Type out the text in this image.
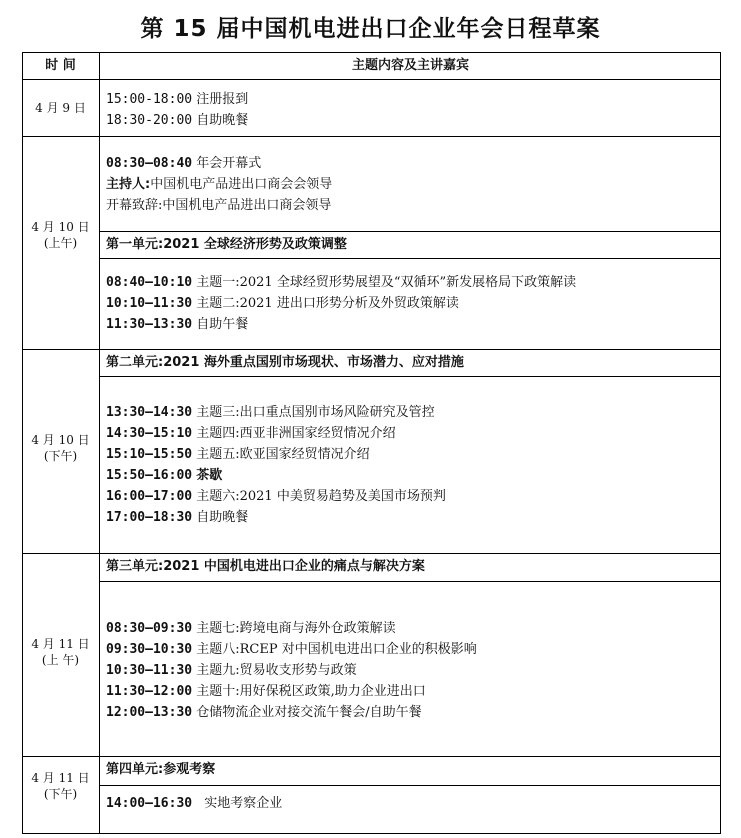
第 15 届中国机电进出口企业年会日程草案
时 间	主题内容及主讲嘉宾
4 月 9 日
15:00-18:00 注册报到
18:30-20:00 自助晚餐
4 月 10 日
(上午)
08:30—08:40 年会开幕式
主持人:中国机电产品进出口商会会领导
开幕致辞:中国机电产品进出口商会领导
第一单元:2021 全球经济形势及政策调整
08:40—10:10 主题一:2021 全球经贸形势展望及“双循环”新发展格局下政策解读
10:10—11:30 主题二:2021 进出口形势分析及外贸政策解读
11:30—13:30 自助午餐
第二单元:2021 海外重点国别市场现状、市场潜力、应对措施
4 月 10 日
(下午)
13:30—14:30 主题三:出口重点国别市场风险研究及管控
14:30—15:10 主题四:西亚非洲国家经贸情况介绍
15:10—15:50 主题五:欧亚国家经贸情况介绍
15:50—16:00 茶歇
16:00—17:00 主题六:2021 中美贸易趋势及美国市场预判
17:00—18:30 自助晚餐
第三单元:2021 中国机电进出口企业的痛点与解决方案
4 月 11 日
(上 午)
08:30—09:30 主题七:跨境电商与海外仓政策解读
09:30—10:30 主题八:RCEP 对中国机电进出口企业的积极影响
10:30—11:30 主题九:贸易收支形势与政策
11:30—12:00 主题十:用好保税区政策,助力企业进出口
12:00—13:30 仓储物流企业对接交流午餐会/自助午餐
4 月 11 日
(下午)
第四单元:参观考察
14:00—16:30 实地考察企业
